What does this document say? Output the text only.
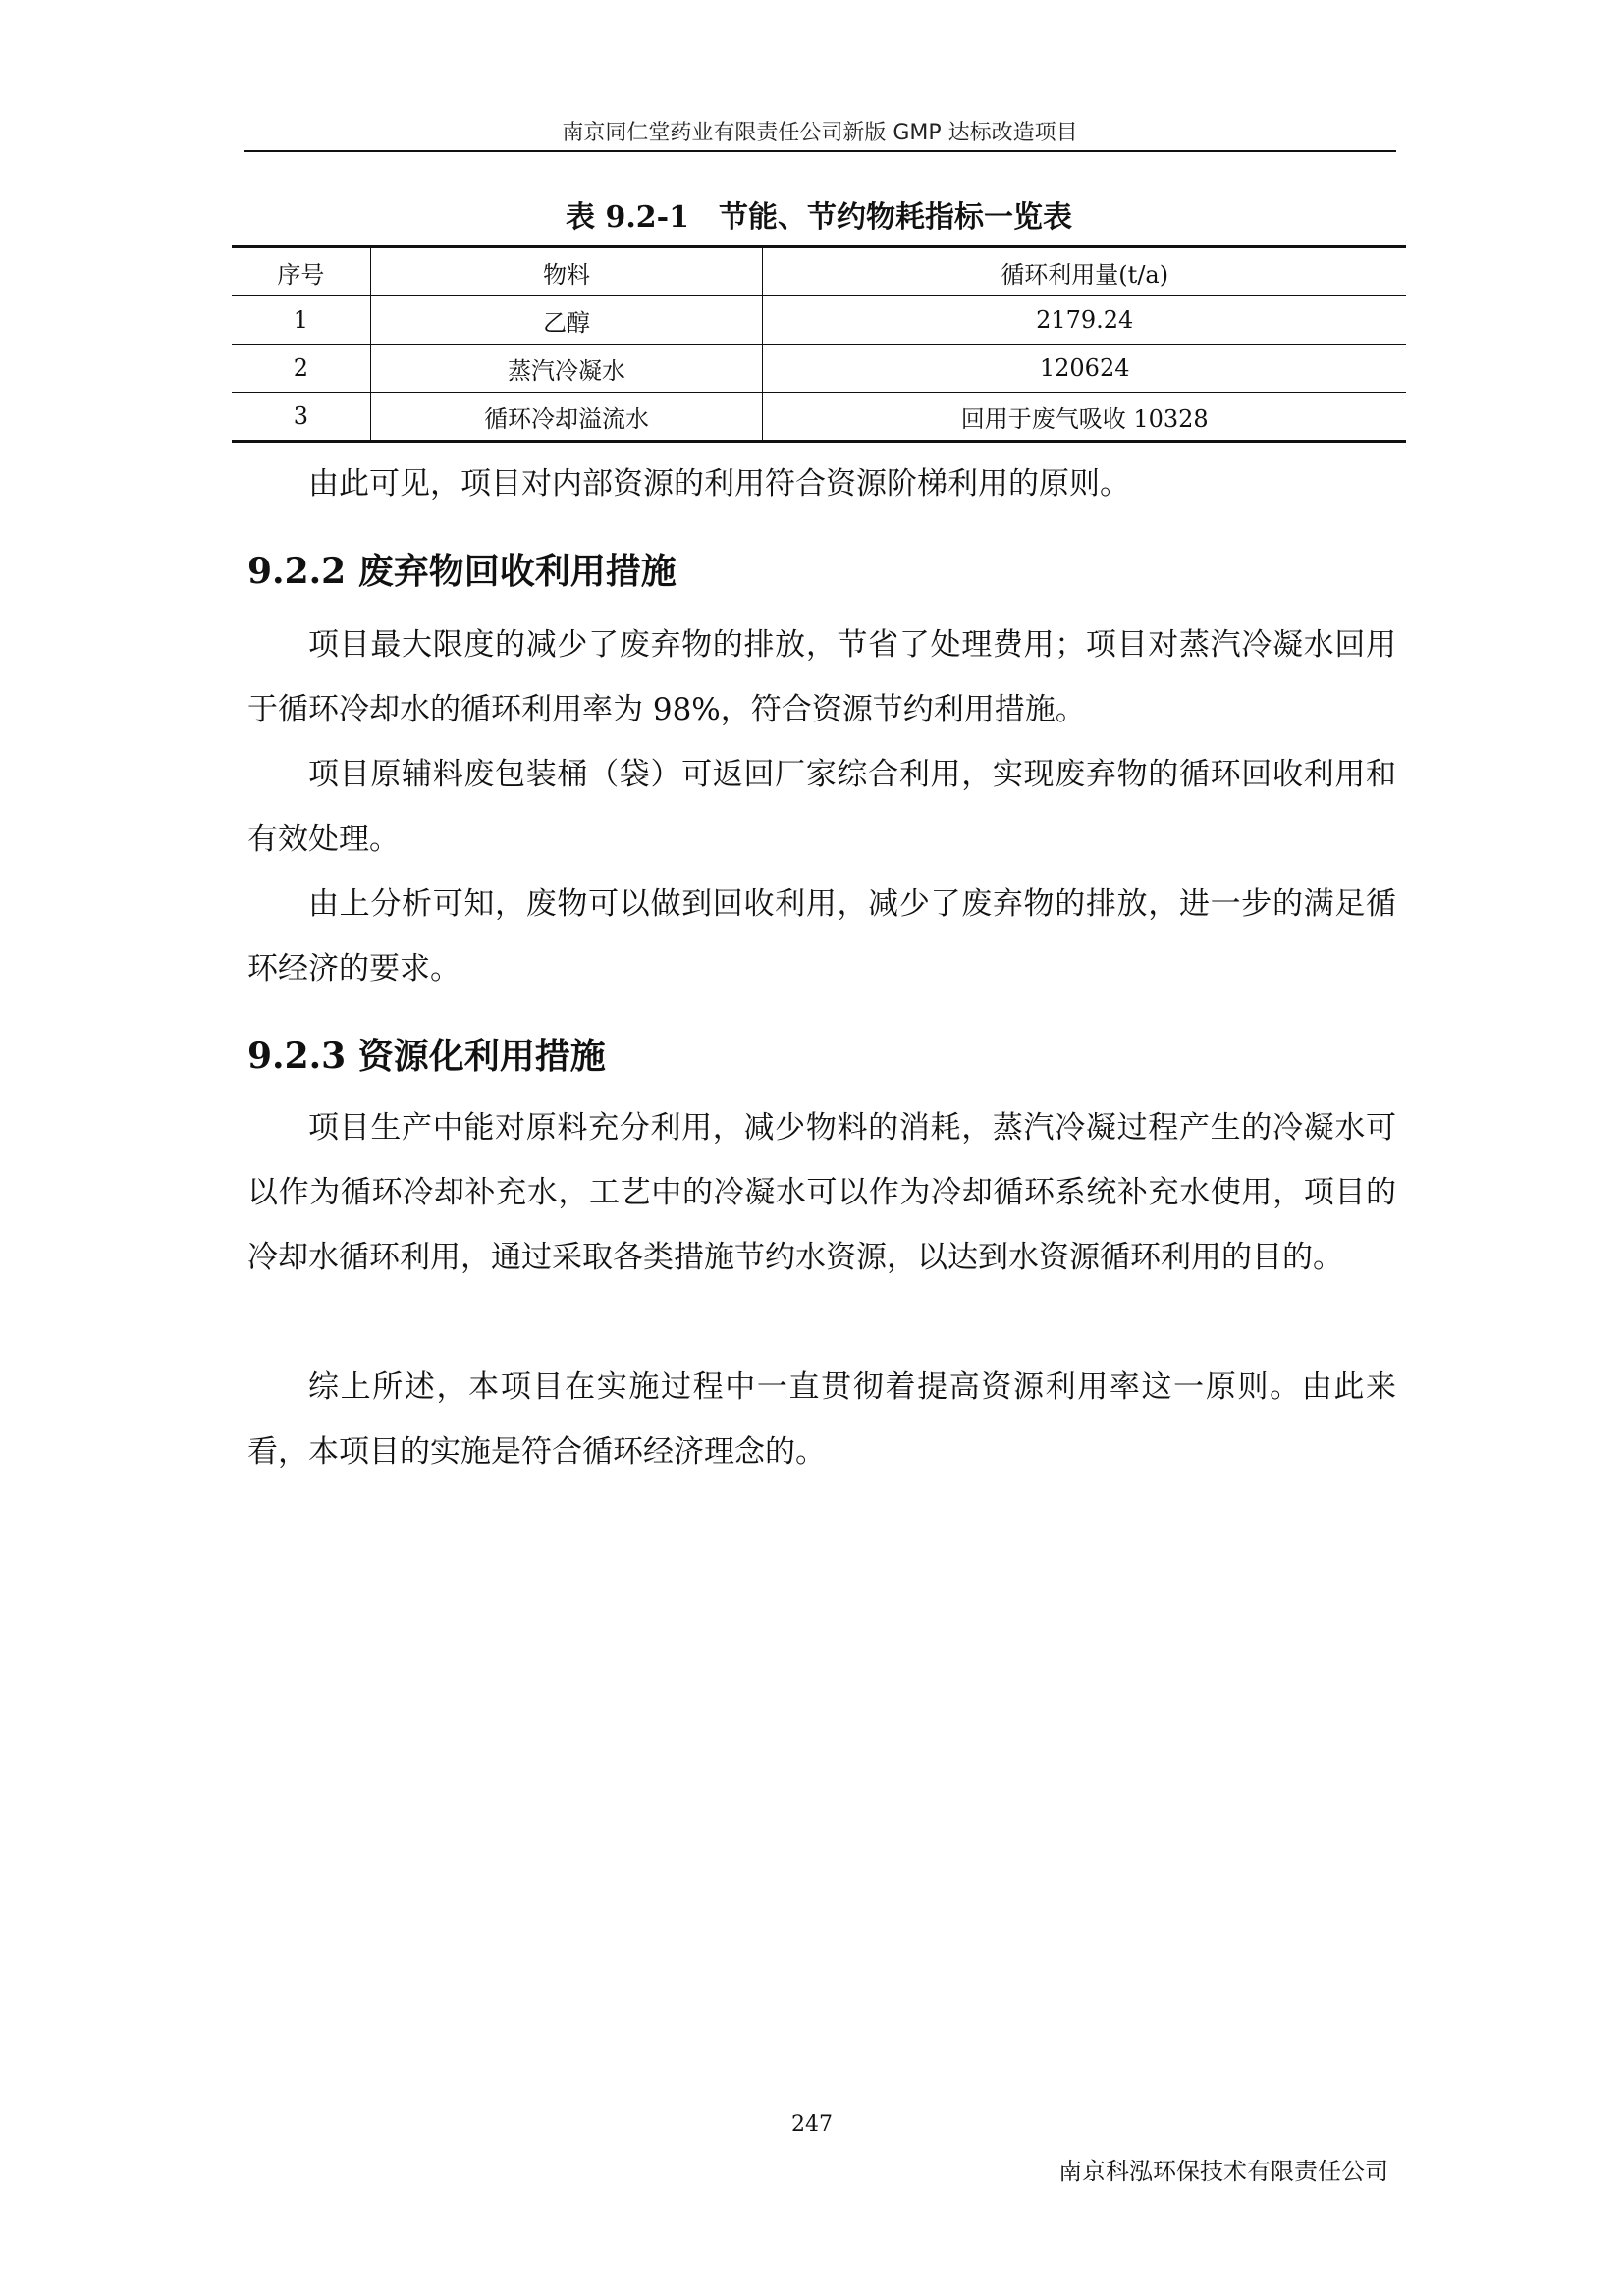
南京同仁堂药业有限责任公司新版 GMP 达标改造项目
表 9.2-1　节能、节约物耗指标一览表
序号	物料	循环利用量(t/a)
1	乙醇	2179.24
2	蒸汽冷凝水	120624
3	循环冷却溢流水	回用于废气吸收 10328

由此可见，项目对内部资源的利用符合资源阶梯利用的原则。

9.2.2 废弃物回收利用措施

项目最大限度的减少了废弃物的排放，节省了处理费用；项目对蒸汽冷凝水回用于循环冷却水的循环利用率为 98%，符合资源节约利用措施。

项目原辅料废包装桶（袋）可返回厂家综合利用，实现废弃物的循环回收利用和有效处理。

由上分析可知，废物可以做到回收利用，减少了废弃物的排放，进一步的满足循环经济的要求。

9.2.3 资源化利用措施

项目生产中能对原料充分利用，减少物料的消耗，蒸汽冷凝过程产生的冷凝水可以作为循环冷却补充水，工艺中的冷凝水可以作为冷却循环系统补充水使用，项目的冷却水循环利用，通过采取各类措施节约水资源，以达到水资源循环利用的目的。

综上所述，本项目在实施过程中一直贯彻着提高资源利用率这一原则。由此来看，本项目的实施是符合循环经济理念的。

247
南京科泓环保技术有限责任公司
